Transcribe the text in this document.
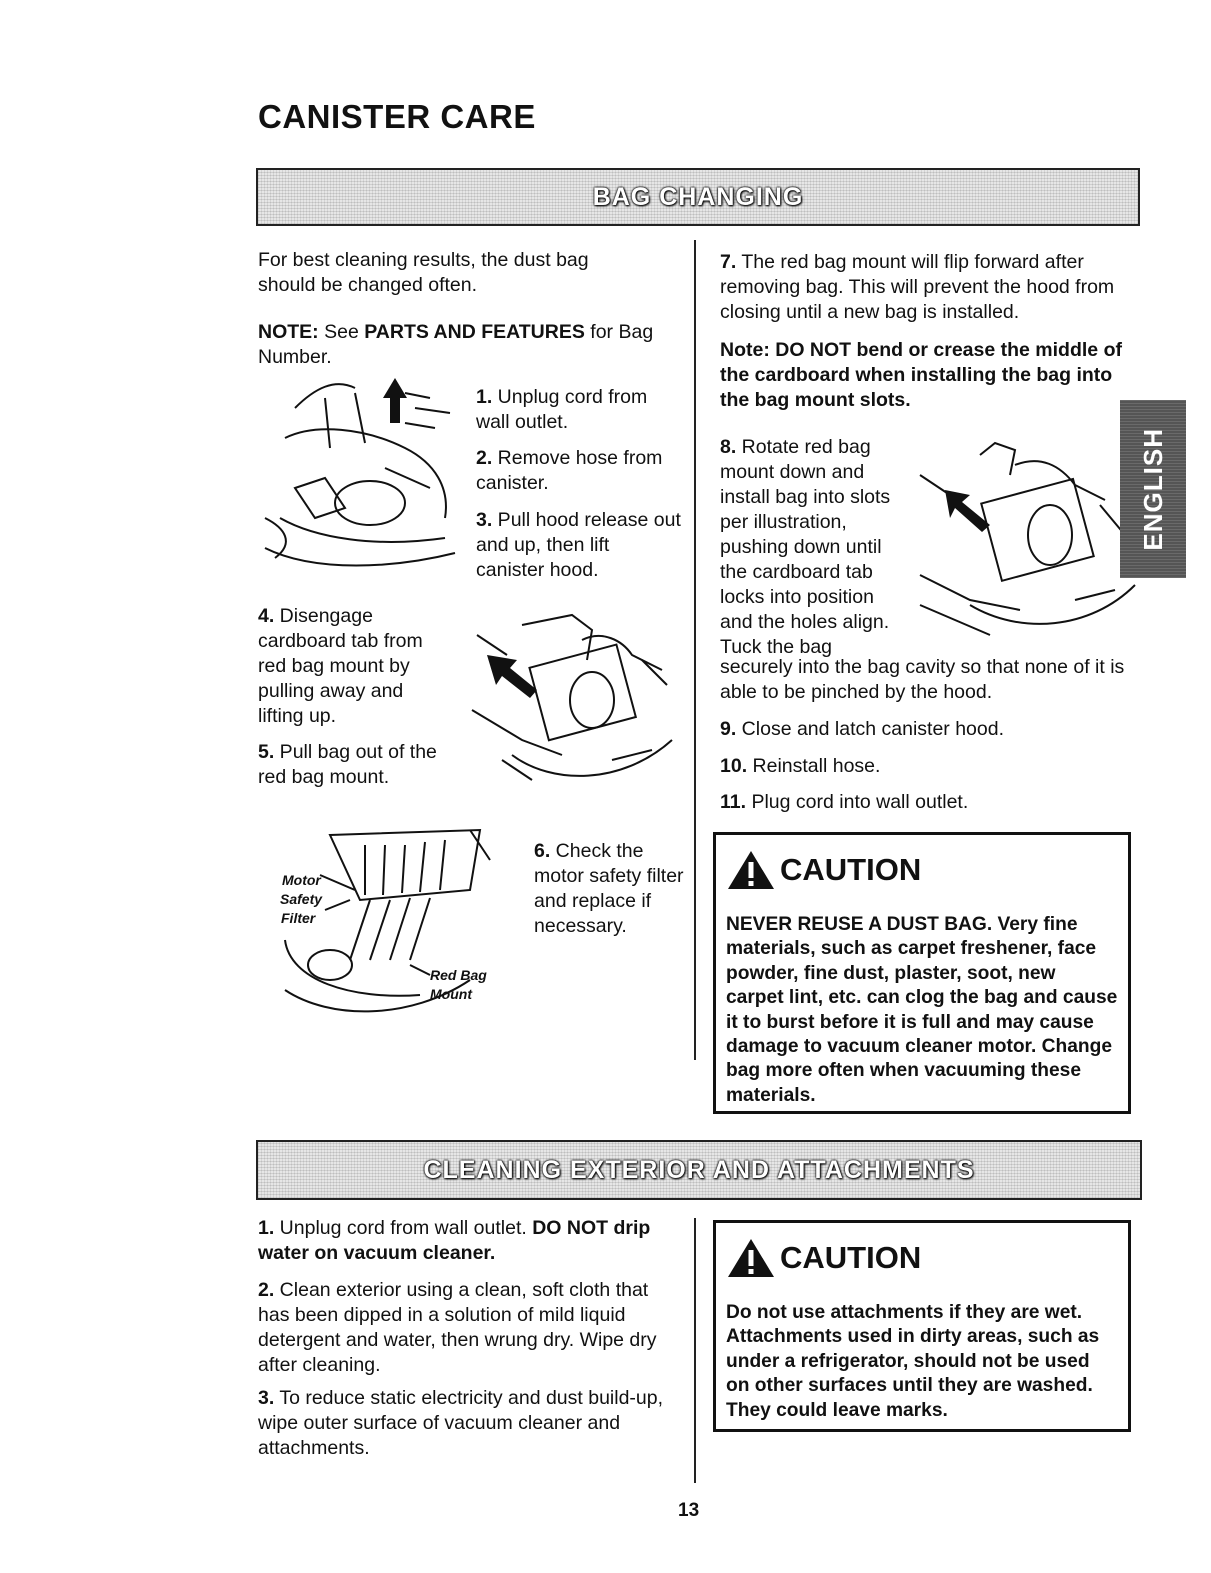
CANISTER CARE
BAG CHANGING

For best cleaning results, the dust bag should be changed often.

NOTE: See PARTS AND FEATURES for Bag Number.

1. Unplug cord from wall outlet.

2. Remove hose from canister.

3. Pull hood release out and up, then lift canister hood.

4. Disengage cardboard tab from red bag mount by pulling away and lifting up.

5. Pull bag out of the red bag mount.

Motor
Safety
Filter
Red Bag
Mount

6. Check the motor safety filter and replace if necessary.

7. The red bag mount will flip forward after removing bag. This will prevent the hood from closing until a new bag is installed.

Note: DO NOT bend or crease the middle of the cardboard when installing the bag into the bag mount slots.

8. Rotate red bag mount down and install bag into slots per illustration, pushing down until the cardboard tab locks into position and the holes align. Tuck the bag

securely into the bag cavity so that none of it is able to be pinched by the hood.

ENGLISH

9. Close and latch canister hood.

10. Reinstall hose.

11. Plug cord into wall outlet.

CAUTION
NEVER REUSE A DUST BAG. Very fine materials, such as carpet freshener, face powder, fine dust, plaster, soot, new carpet lint, etc. can clog the bag and cause it to burst before it is full and may cause damage to vacuum cleaner motor. Change bag more often when vacuuming these materials.
CLEANING EXTERIOR AND ATTACHMENTS

1. Unplug cord from wall outlet. DO NOT drip water on vacuum cleaner.

2. Clean exterior using a clean, soft cloth that has been dipped in a solution of mild liquid detergent and water, then wrung dry. Wipe dry after cleaning.

3. To reduce static electricity and dust build-up, wipe outer surface of vacuum cleaner and attachments.

CAUTION
Do not use attachments if they are wet. Attachments used in dirty areas, such as under a refrigerator, should not be used on other surfaces until they are washed. They could leave marks.
13
